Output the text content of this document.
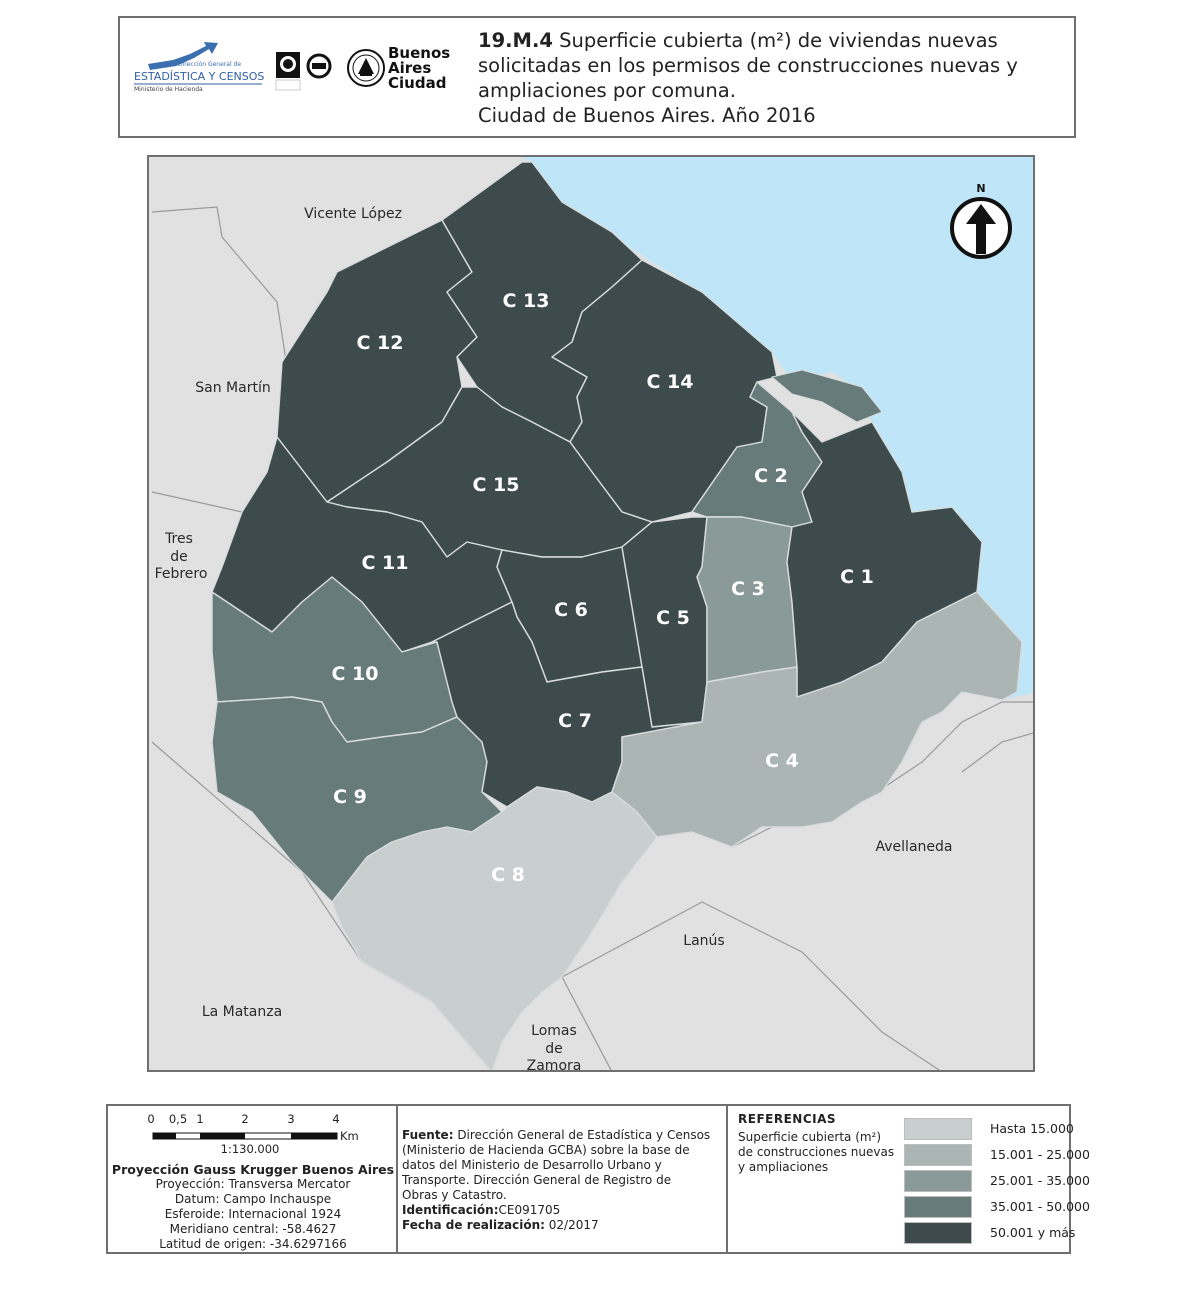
Dirección General de
ESTADÍSTICA Y CENSOS
Ministerio de Hacienda
Buenos
Aires
Ciudad
19.M.4 Superficie cubierta (m²) de viviendas nuevas
solicitadas en los permisos de construcciones nuevas y
ampliaciones por comuna.
Ciudad de Buenos Aires. Año 2016
C 12
C 13
C 14
C 15	C 2
C 11
C 3
C 1
C 6	C 5
C 10
C 7
C 4
C 9
C 8
Vicente López
San Martín
Tres
de
Febrero
Avellaneda
Lanús
La Matanza
Lomas
de
Zamora
N
0 0,5 1	2	3	4
Km
1:130.000
Proyección Gauss Krugger Buenos Aires
Proyección: Transversa Mercator
Datum: Campo Inchauspe
Esferoide: Internacional 1924
Meridiano central: -58.4627
Latitud de origen: -34.6297166
Fuente: Dirección General de Estadística y Censos
(Ministerio de Hacienda GCBA) sobre la base de
datos del Ministerio de Desarrollo Urbano y
Transporte. Dirección General de Registro de
Obras y Catastro.
Identificación:CE091705
Fecha de realización: 02/2017
REFERENCIAS
Superficie cubierta (m²)
de construcciones nuevas
y ampliaciones
Hasta 15.000
15.001 - 25.000
25.001 - 35.000
35.001 - 50.000
50.001 y más
